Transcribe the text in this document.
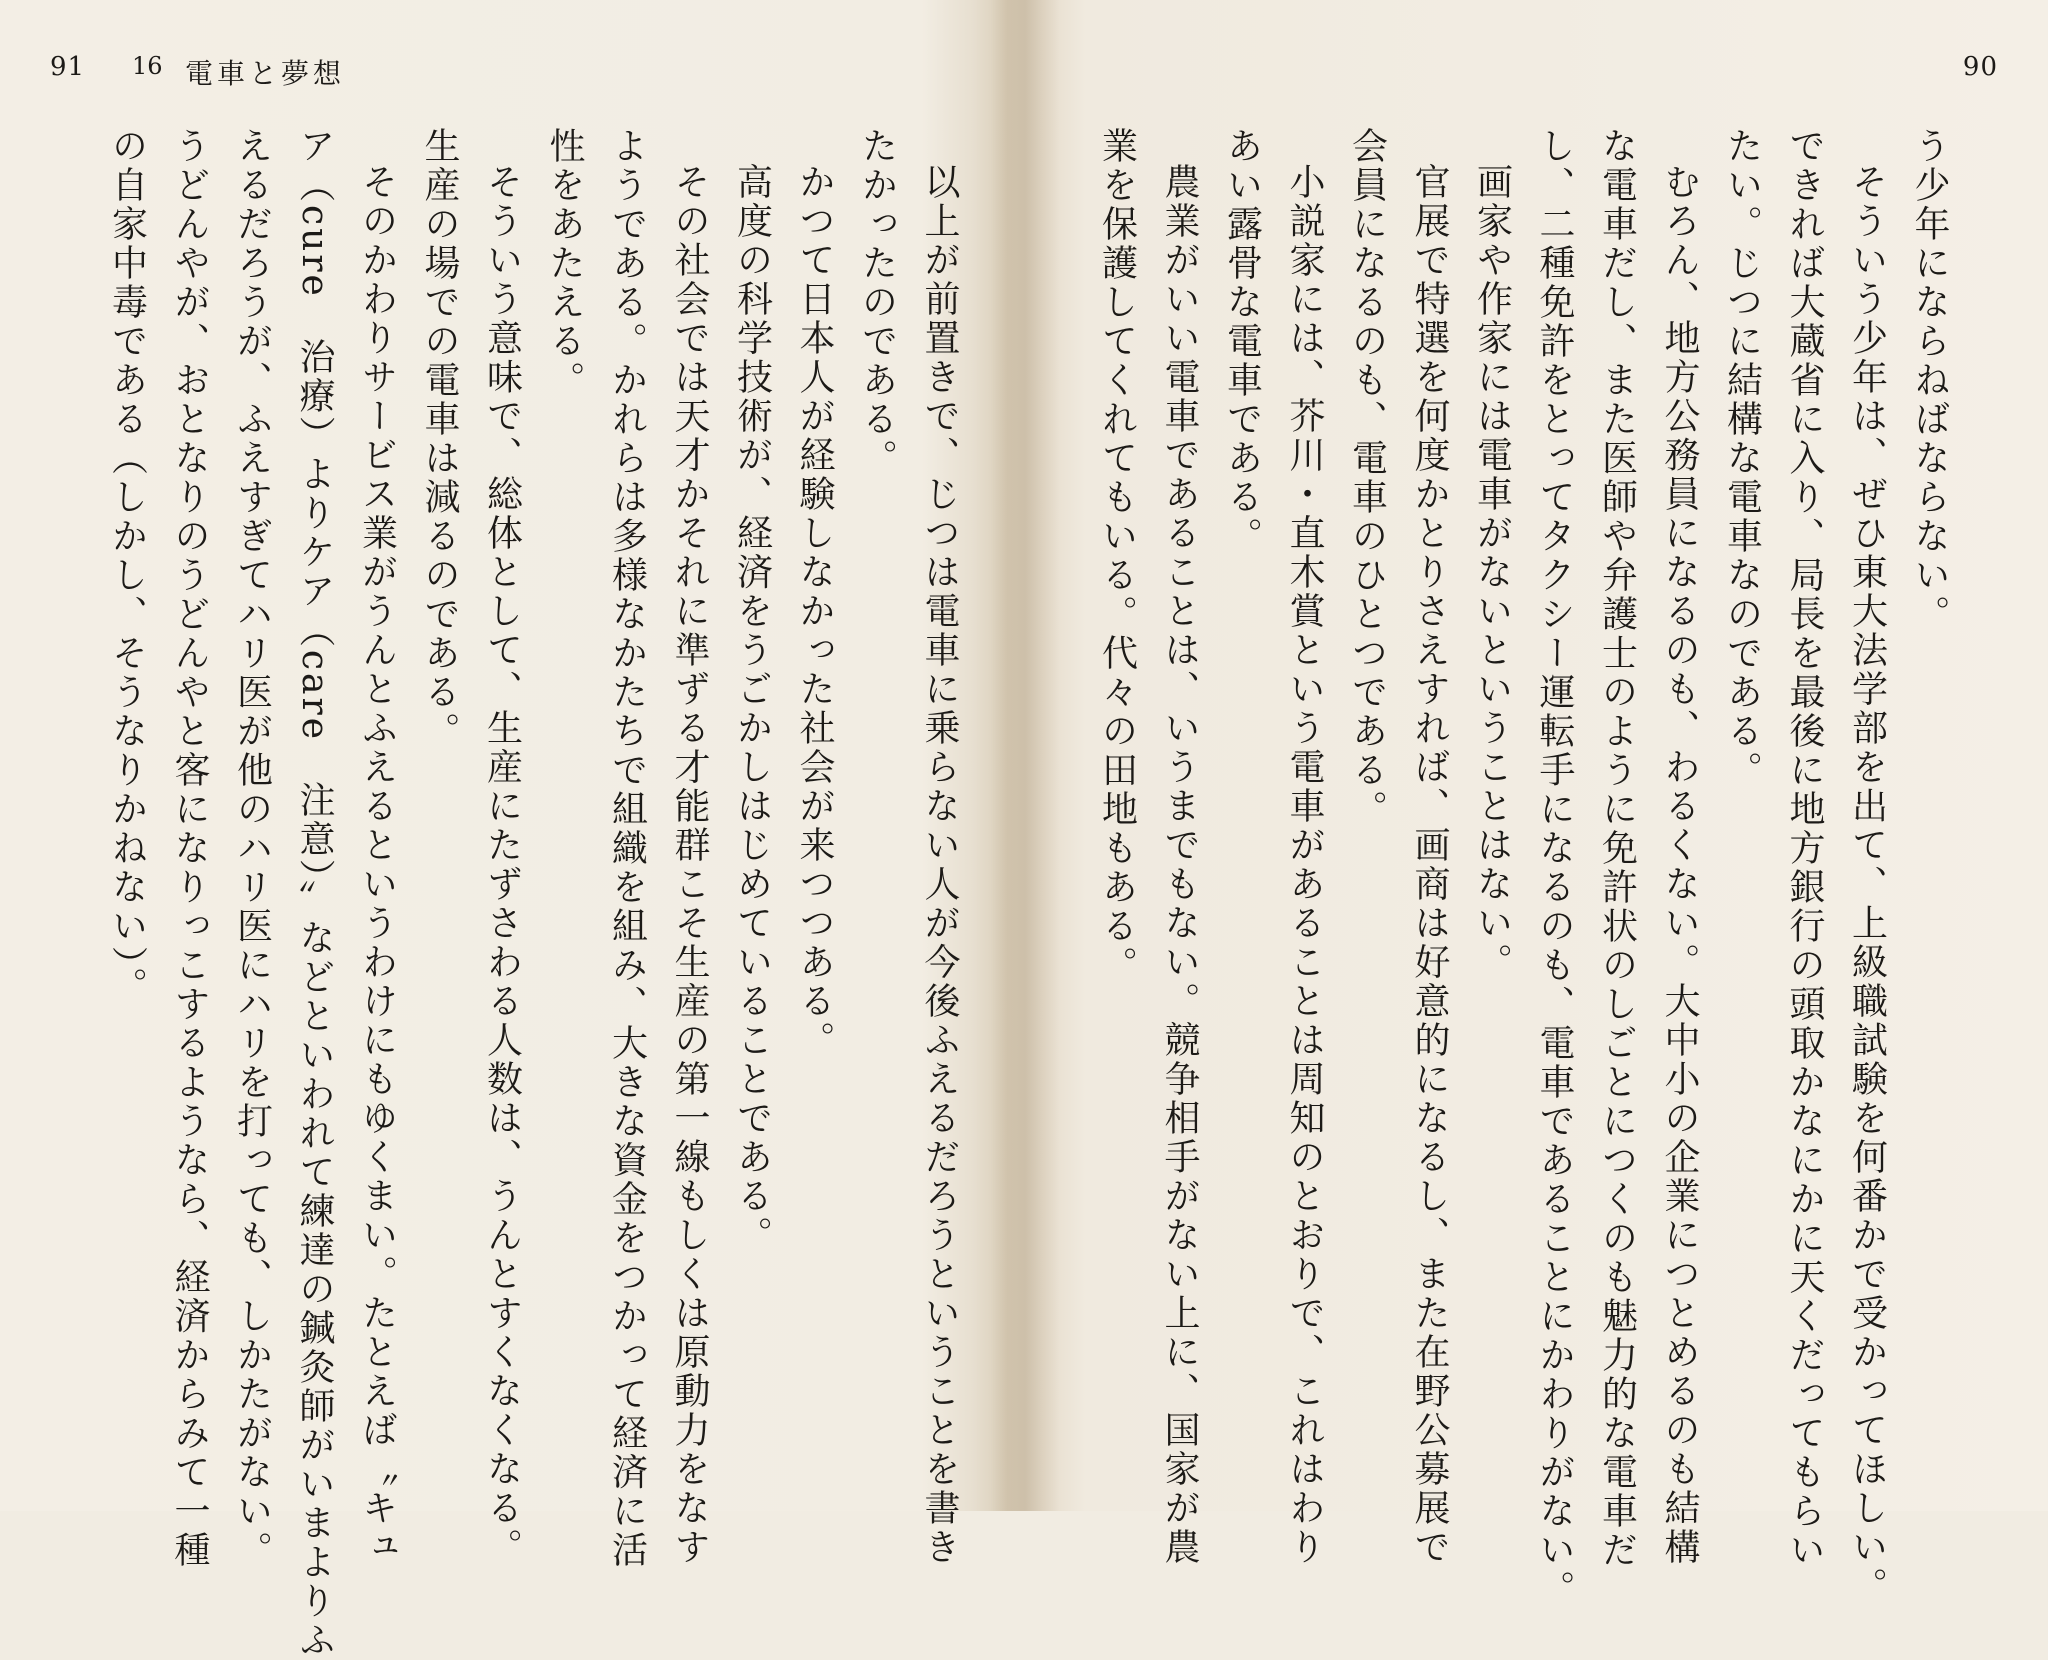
91 16 電車と夢想

以上が前置きで、じつは電車に乗らない人が今後ふえるだろうということを書き

たかったのである。

かつて日本人が経験しなかった社会が来つつある。

高度の科学技術が、経済をうごかしはじめていることである。

その社会では天才かそれに準ずる才能群こそ生産の第一線もしくは原動力をなす

ようである。かれらは多様なかたちで組織を組み、大きな資金をつかって経済に活

性をあたえる。

そういう意味で、総体として、生産にたずさわる人数は、うんとすくなくなる。

生産の場での電車は減るのである。

そのかわりサービス業がうんとふえるというわけにもゆくまい。たとえば〝キュ

ア（cure　治療）よりケア（care　注意）〟などといわれて練達の鍼灸師がいまよりふ

えるだろうが、ふえすぎてハリ医が他のハリ医にハリを打っても、しかたがない。

うどんやが、おとなりのうどんやと客になりっこするようなら、経済からみて一種

の自家中毒である（しかし、そうなりかねない）。

90

う少年にならねばならない。

そういう少年は、ぜひ東大法学部を出て、上級職試験を何番かで受かってほしい。

できれば大蔵省に入り、局長を最後に地方銀行の頭取かなにかに天くだってもらい

たい。じつに結構な電車なのである。

むろん、地方公務員になるのも、わるくない。大中小の企業につとめるのも結構

な電車だし、また医師や弁護士のように免許状のしごとにつくのも魅力的な電車だ

し、二種免許をとってタクシー運転手になるのも、電車であることにかわりがない。

画家や作家には電車がないということはない。

官展で特選を何度かとりさえすれば、画商は好意的になるし、また在野公募展で

会員になるのも、電車のひとつである。

小説家には、芥川・直木賞という電車があることは周知のとおりで、これはわり

あい露骨な電車である。

農業がいい電車であることは、いうまでもない。競争相手がない上に、国家が農

業を保護してくれてもいる。代々の田地もある。
